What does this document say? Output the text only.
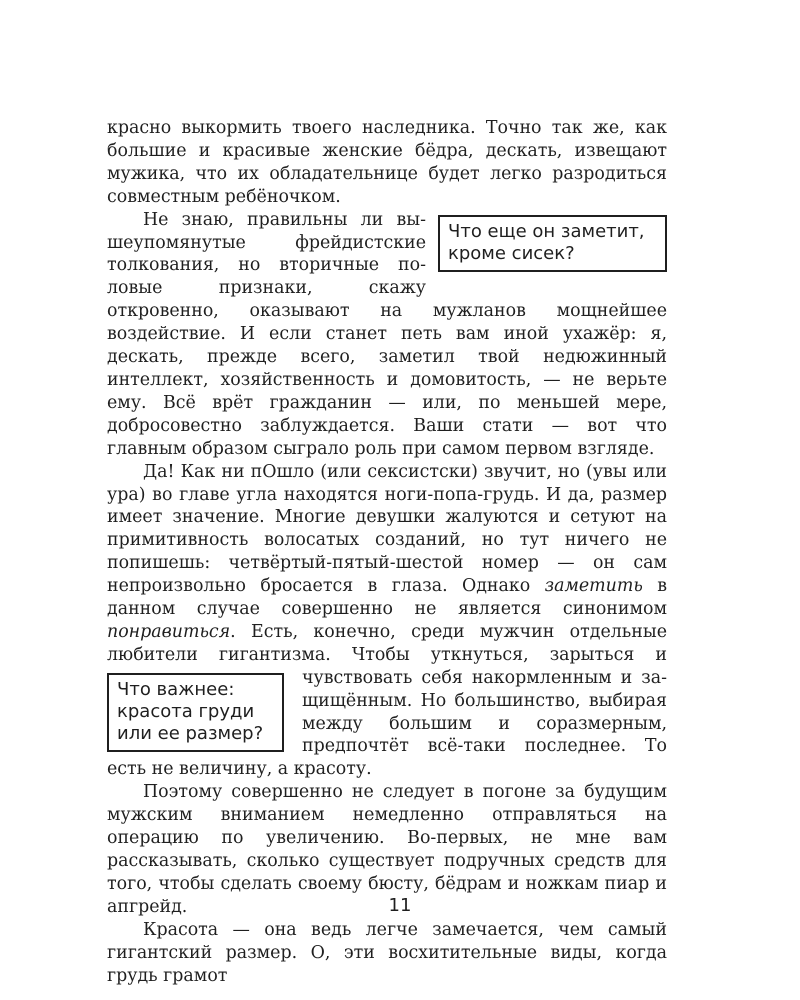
красно выкормить твоего наследника. Точно так же, как большие и красивые женские бёдра, дескать, извещают мужика, что их обладательнице будет легко разродиться совместным ребёночком.

Что еще он заметит,
кроме сисек?
Не знаю, правильны ли вышеупомянутые фрейдистские толкования, но вторичные половые признаки, скажу откровенно, оказывают на мужланов мощнейшее воздействие. И если станет петь вам иной ухажёр: я, дескать, прежде всего, заметил твой недюжинный интеллект, хозяйственность и домовитость, — не верьте ему. Всё врёт гражданин — или, по меньшей мере, добросовестно заблуждается. Ваши стати — вот что главным образом сыграло роль при самом первом взгляде.

Да! Как ни пОшло (или сексистски) звучит, но (увы или ура) во главе угла находятся ноги-попа-грудь. И да, размер имеет значение. Многие девушки жалуются и сетуют на примитивность волосатых созданий, но тут ничего не попишешь: четвёртый-пятый-шестой номер — он сам непроизвольно бросается в глаза. Однако заметить в данном случае совершенно не является синонимом понравиться. Есть, конечно, среди мужчин отдельные любители гигантизма. Чтобы уткнуться, зарыться и чувствовать себя накормленным и за
Что важнее:
красота груди
или ее размер?
щищённым. Но большинство, выбирая между большим и соразмерным, предпочтёт всё-таки последнее. То есть не величину, а красоту.

Поэтому совершенно не следует в погоне за будущим мужским вниманием немедленно отправляться на операцию по увеличению. Во-первых, не мне вам рассказывать, сколько существует подручных средств для того, чтобы сделать своему бюсту, бёдрам и ножкам пиар и апгрейд.

Красота — она ведь легче замечается, чем самый гигантский размер. О, эти восхитительные виды, когда грудь грамот

11
